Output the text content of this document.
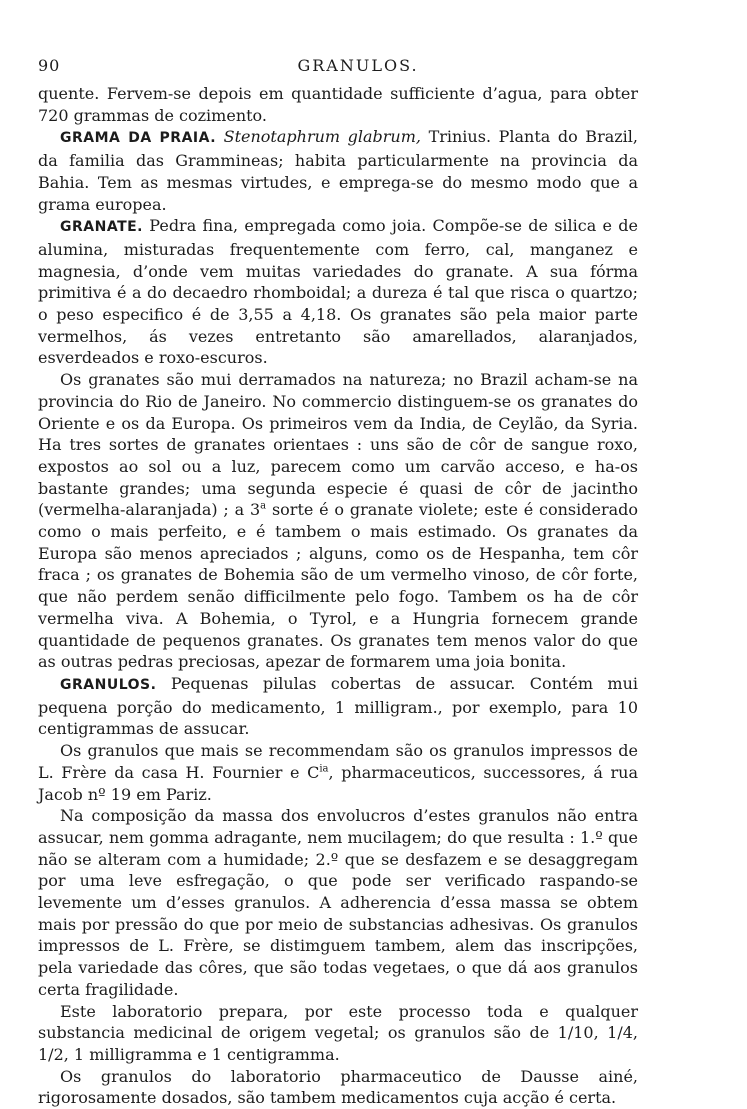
90	GRANULOS.

quente. Fervem-se depois em quantidade sufficiente d’agua, para obter 720 grammas de cozimento.

GRAMA DA PRAIA. Stenotaphrum glabrum, Trinius. Planta do Brazil, da familia das Grammineas; habita particularmente na provincia da Bahia. Tem as mesmas virtudes, e emprega-se do mesmo modo que a grama europea.

GRANATE. Pedra fina, empregada como joia. Compõe-se de silica e de alumina, misturadas frequentemente com ferro, cal, manganez e magnesia, d’onde vem muitas variedades do granate. A sua fórma primitiva é a do decaedro rhomboidal; a dureza é tal que risca o quartzo; o peso especifico é de 3,55 a 4,18. Os granates são pela maior parte vermelhos, ás vezes entretanto são amarellados, alaranjados, esverdeados e roxo-escuros.

Os granates são mui derramados na natureza; no Brazil acham-se na provincia do Rio de Janeiro. No commercio distinguem-se os granates do Oriente e os da Europa. Os primeiros vem da India, de Ceylão, da Syria. Ha tres sortes de granates orientaes : uns são de côr de sangue roxo, expostos ao sol ou a luz, parecem como um carvão acceso, e ha-os bastante grandes; uma segunda especie é quasi de côr de jacintho (vermelha-alaranjada) ; a 3$^a$ sorte é o granate violete; este é considerado como o mais perfeito, e é tambem o mais estimado. Os granates da Europa são menos apreciados ; alguns, como os de Hespanha, tem côr fraca ; os granates de Bohemia são de um vermelho vinoso, de côr forte, que não perdem senão difficilmente pelo fogo. Tambem os ha de côr vermelha viva. A Bohemia, o Tyrol, e a Hungria fornecem grande quantidade de pequenos granates. Os granates tem menos valor do que as outras pedras preciosas, apezar de formarem uma joia bonita.

GRANULOS. Pequenas pilulas cobertas de assucar. Contém mui pequena porção do medicamento, 1 milligram., por exemplo, para 10 centigrammas de assucar.

Os granulos que mais se recommendam são os granulos impressos de L. Frère da casa H. Fournier e $C^{ia}$, pharmaceuticos, successores, á rua Jacob nº 19 em Pariz.

Na composição da massa dos envolucros d’estes granulos não entra assucar, nem gomma adragante, nem mucilagem; do que resulta : 1.º que não se alteram com a humidade; 2.º que se desfazem e se desaggregam por uma leve esfregação, o que pode ser verificado raspando-se levemente um d’esses granulos. A adherencia d’essa massa se obtem mais por pressão do que por meio de substancias adhesivas. Os granulos impressos de L. Frère, se distimguem tambem, alem das inscripções, pela variedade das côres, que são todas vegetaes, o que dá aos granulos certa fragilidade.

Este laboratorio prepara, por este processo toda e qualquer substancia medicinal de origem vegetal; os granulos são de 1/10, 1/4, 1/2, 1 milligramma e 1 centigramma.

Os granulos do laboratorio pharmaceutico de Dausse ainé, rigorosamente dosados, são tambem medicamentos cuja acção é certa.
